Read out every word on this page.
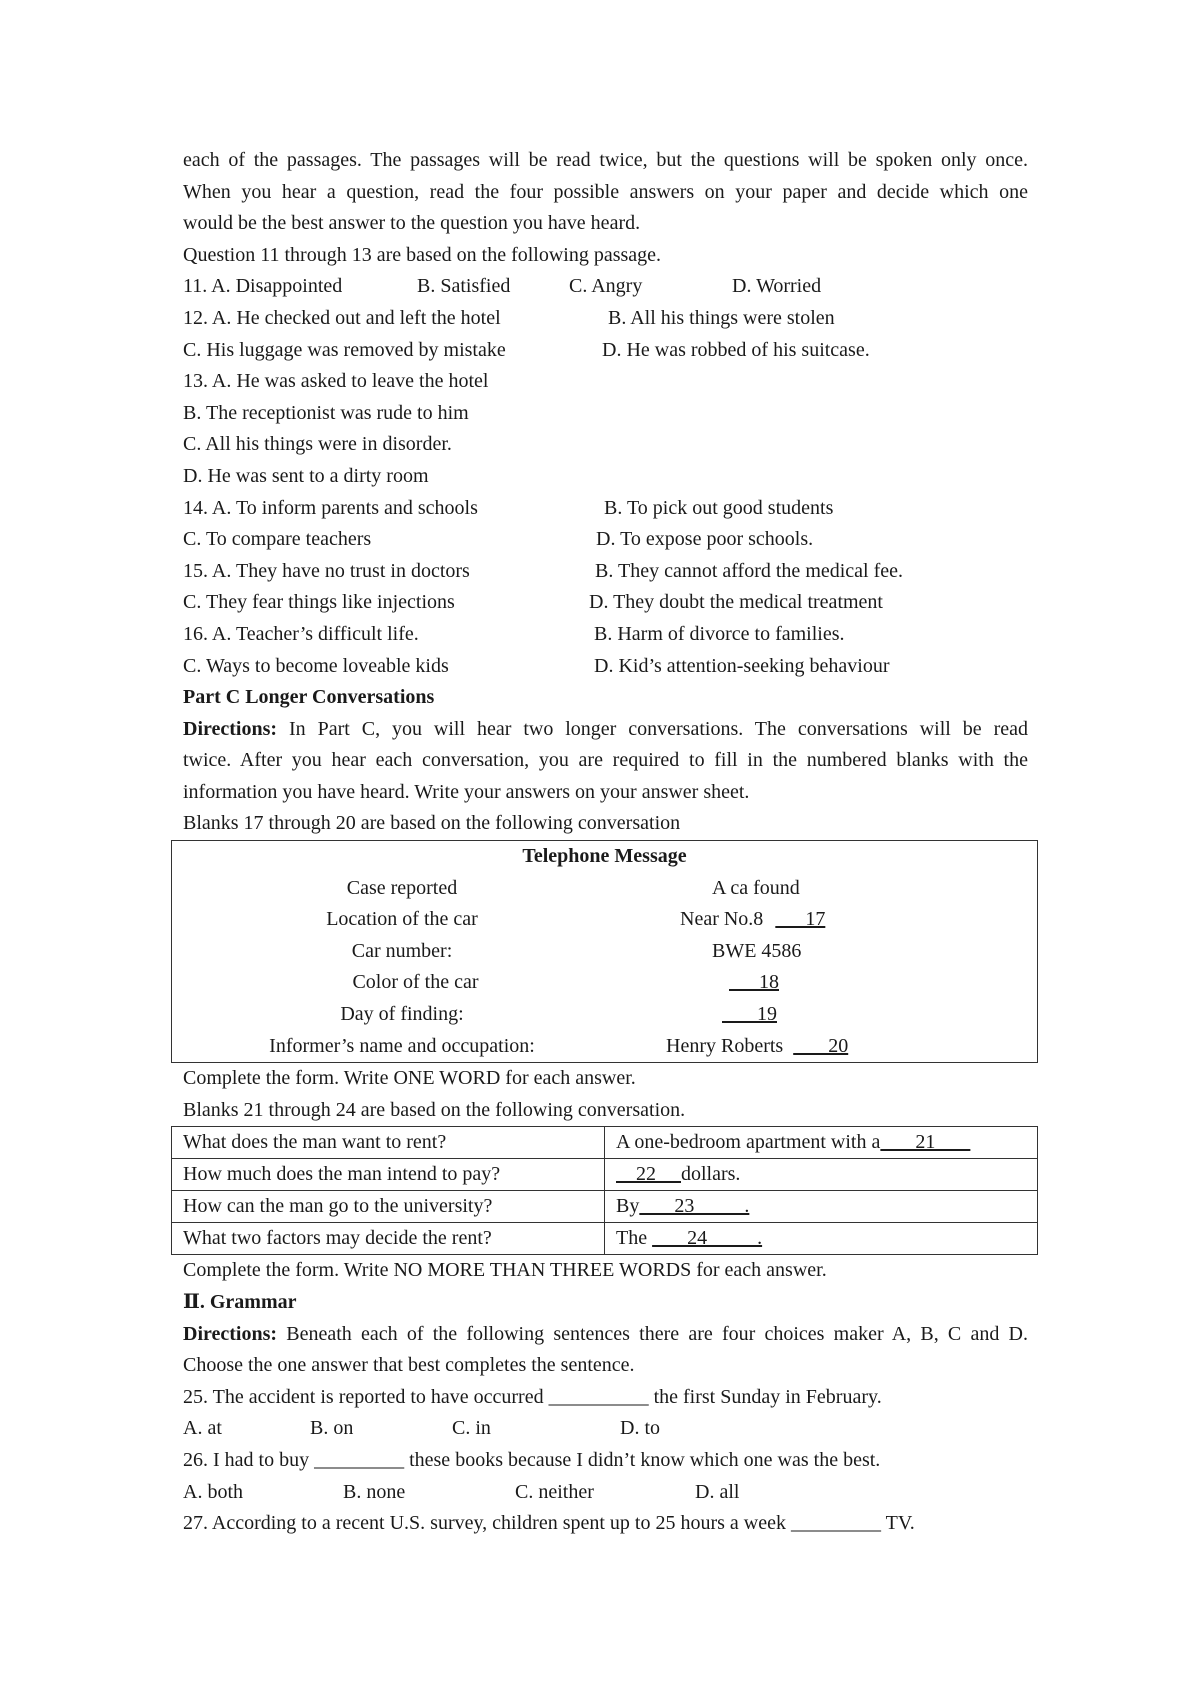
each of the passages. The passages will be read twice, but the questions will be spoken only once.
When you hear a question, read the four possible answers on your paper and decide which one
would be the best answer to the question you have heard.
Question 11 through 13 are based on the following passage.
11. A. Disappointed	B. Satisfied	C. Angry	D. Worried
12. A. He checked out and left the hotel	B. All his things were stolen
C. His luggage was removed by mistake	D. He was robbed of his suitcase.
13. A. He was asked to leave the hotel
B. The receptionist was rude to him
C. All his things were in disorder.
D. He was sent to a dirty room
14. A. To inform parents and schools	B. To pick out good students
C. To compare teachers	D. To expose poor schools.
15. A. They have no trust in doctors	B. They cannot afford the medical fee.
C. They fear things like injections	D. They doubt the medical treatment
16. A. Teacher’s difficult life.	B. Harm of divorce to families.
C. Ways to become loveable kids	D. Kid’s attention-seeking behaviour
Part C Longer Conversations
Directions: In Part C, you will hear two longer conversations. The conversations will be read
twice. After you hear each conversation, you are required to fill in the numbered blanks with the
information you have heard. Write your answers on your answer sheet.
Blanks 17 through 20 are based on the following conversation
Telephone Message	
Case reported	A ca found
Location of the car	Near No.8      17
Car number:	BWE 4586
Color of the car	18
Day of finding:	19
Informer’s name and occupation:	Henry Roberts       20
Complete the form. Write ONE WORD for each answer.
Blanks 21 through 24 are based on the following conversation.
What does the man want to rent?	A one-bedroom apartment with a       21
How much does the man intend to pay?	22     dollars.
How can the man go to the university?	By       23          .
What two factors may decide the rent?	The        24          .
Complete the form. Write NO MORE THAN THREE WORDS for each answer.
Ⅱ. Grammar
Directions: Beneath each of the following sentences there are four choices maker A, B, C and D.
Choose the one answer that best completes the sentence.
25. The accident is reported to have occurred __________ the first Sunday in February.
A. at	B. on	C. in	D. to
26. I had to buy _________ these books because I didn’t know which one was the best.
A. both	B. none	C. neither	D. all
27. According to a recent U.S. survey, children spent up to 25 hours a week _________ TV.
